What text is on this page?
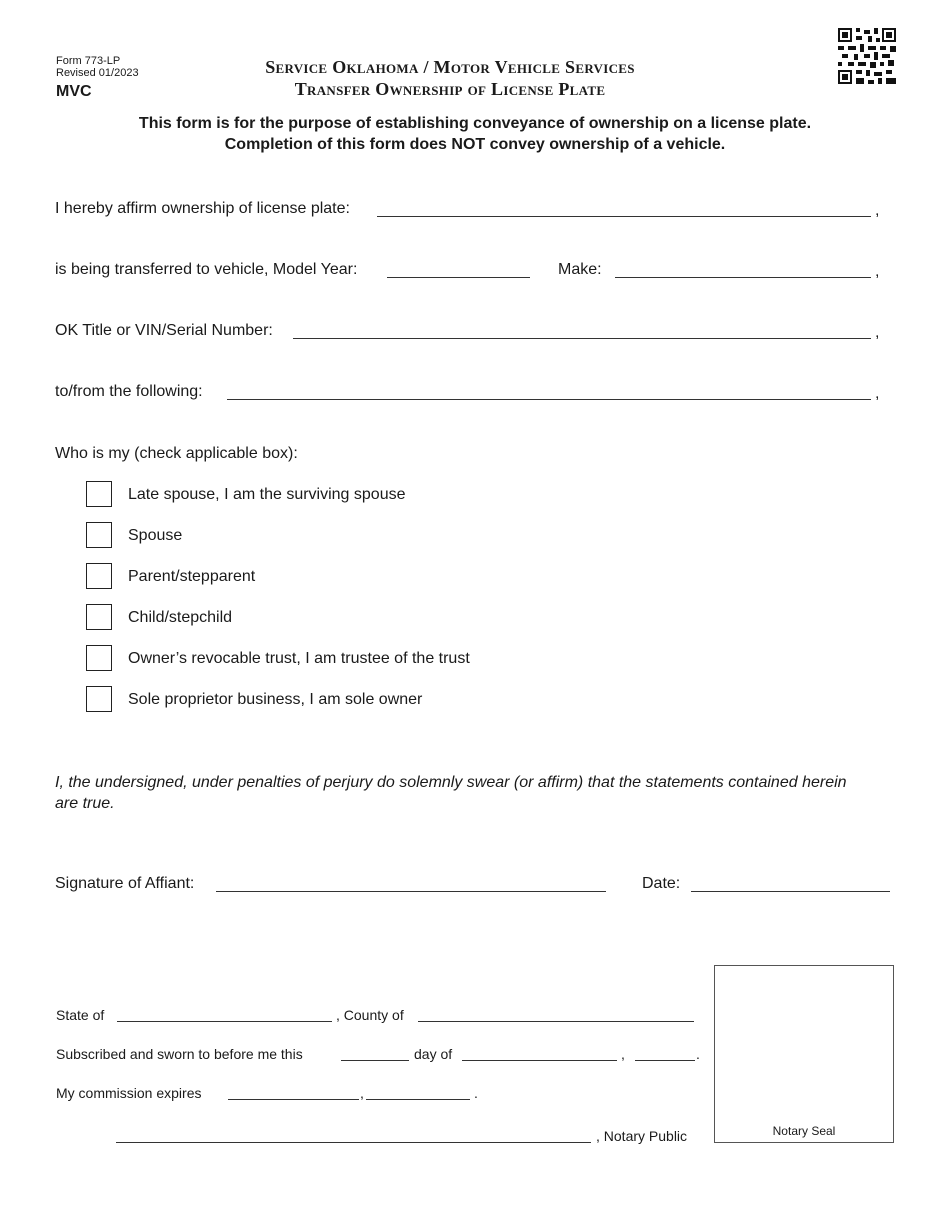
Form 773-LP
Revised 01/2023
MVC
Service Oklahoma / Motor Vehicle Services
Transfer Ownership of License Plate
This form is for the purpose of establishing conveyance of ownership on a license plate.
Completion of this form does NOT convey ownership of a vehicle.
I hereby affirm ownership of license plate:	,
is being transferred to vehicle, Model Year:	Make:	,
OK Title or VIN/Serial Number:	,
to/from the following:	,
Who is my (check applicable box):
Late spouse, I am the surviving spouse
Spouse
Parent/stepparent
Child/stepchild
Owner’s revocable trust, I am trustee of the trust
Sole proprietor business, I am sole owner
I, the undersigned, under penalties of perjury do solemnly swear (or affirm) that the statements contained herein are true.
Signature of Affiant:	Date:
State of	, County of
Subscribed and sworn to before me this	day of	,	.
My commission expires	,	.
, Notary Public	Notary Seal
